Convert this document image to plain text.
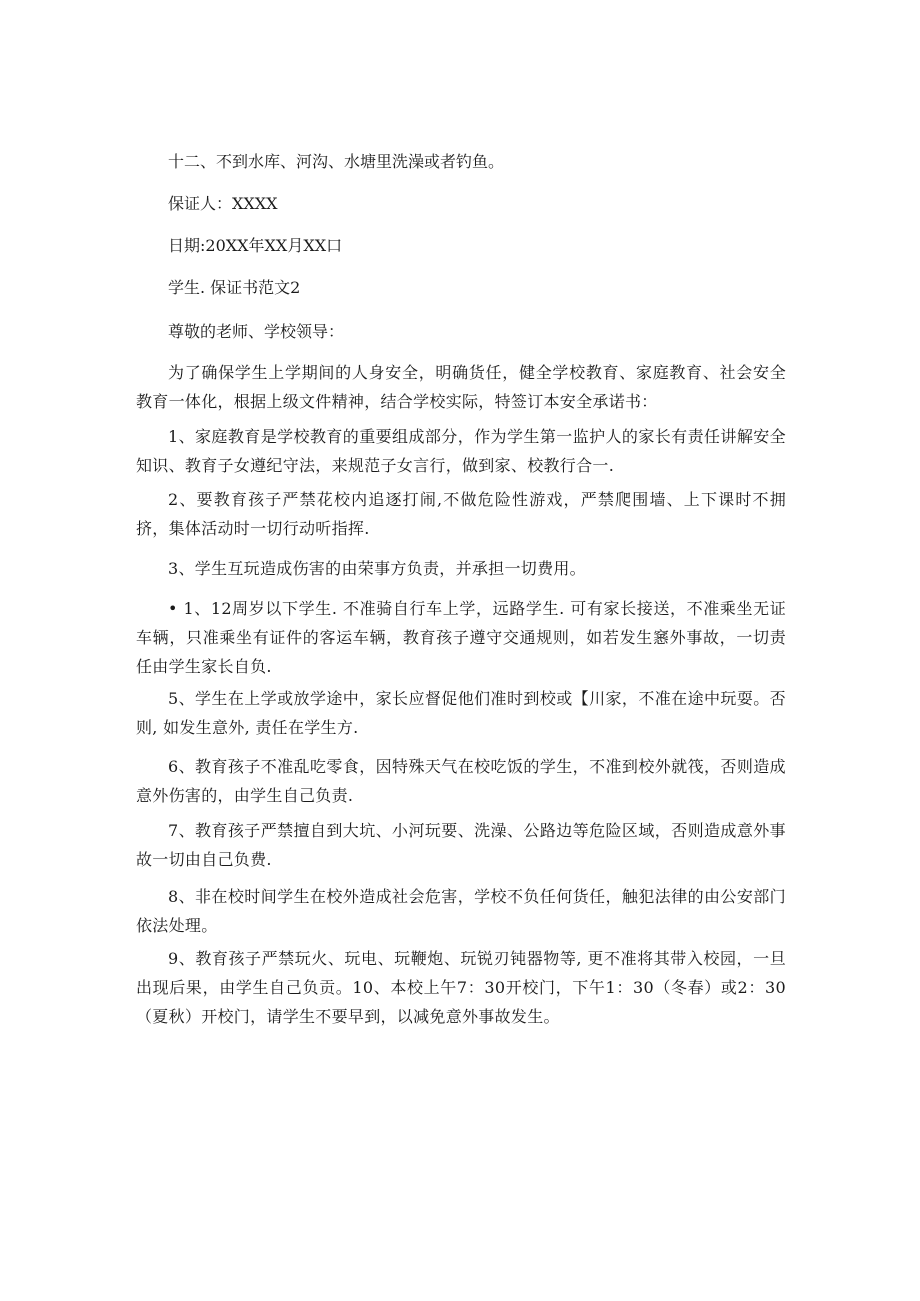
十二、不到水库、河沟、水塘里洗澡或者钓鱼。
保证人：XXXX
日期:20XX年XX月XX口
学生. 保证书范文2
尊敬的老师、学校领导：
为了确保学生上学期间的人身安全，明确货任，健全学校教育、家庭教育、社会安全教育一体化，根据上级文件精神，结合学校实际，特签订本安全承诺书：
1、家庭教育是学校教育的重要组成部分，作为学生第一监护人的家长有责任讲解安全知识、教育子女遵纪守法，来规范子女言行，做到家、校教行合一.
2、要教育孩子严禁花校内追逐打闹,不做危险性游戏，严禁爬围墙、上下课时不拥挤，集体活动时一切行动听指挥.
3、学生互玩造成伤害的由荣事方负责，并承担一切费用。
• 1、12周岁以下学生. 不准骑自行车上学，远路学生. 可有家长接送，不准乘坐无证车辆，只准乘坐有证件的客运车辆，教育孩子遵守交通规则，如若发生窸外事故，一切责任由学生家长自负.
5、学生在上学或放学途中，家长应督促他们准时到校或【川家，不准在途中玩耍。否则, 如发生意外, 责任在学生方.
6、教育孩子不准乱吃零食，因特殊天气在校吃饭的学生，不准到校外就筏，否则造成意外伤害的，由学生自己负责.
7、教育孩子严禁擅自到大坑、小河玩要、洗澡、公路边等危险区域，否则造成意外事故一切由自己负费.
8、非在校时间学生在校外造成社会危害，学校不负任何货任，触犯法律的由公安部门依法处理。
9、教育孩子严禁玩火、玩电、玩鞭炮、玩锐刃钝器物等, 更不准将其带入校园，一旦出现后果，由学生自己负贡。10、本校上午7：30开校门，下午1：30（冬春）或2：30（夏秋）开校门，请学生不要早到，以减免意外事故发生。
